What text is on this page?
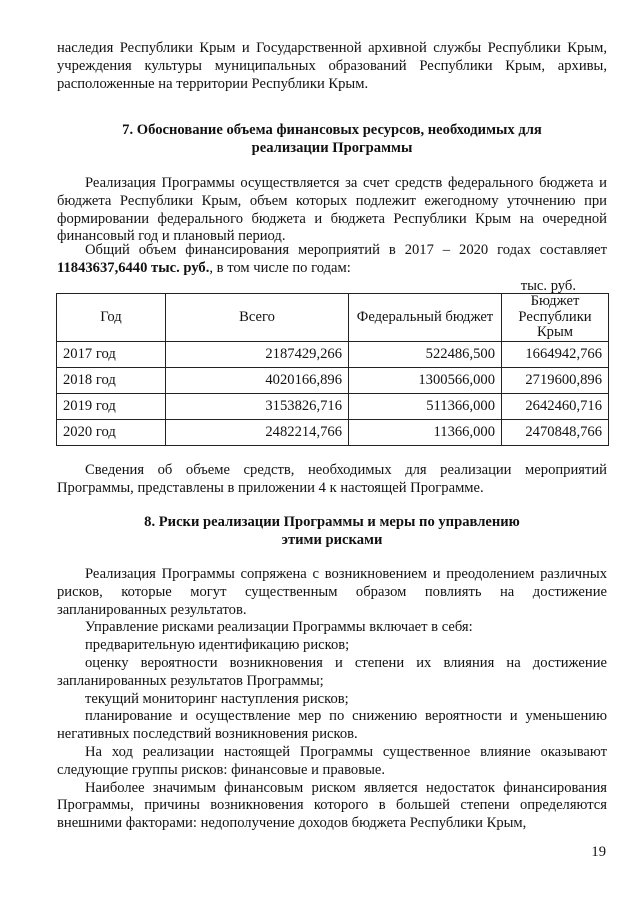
наследия Республики Крым и Государственной архивной службы Республики Крым, учреждения культуры муниципальных образований Республики Крым, архивы, расположенные на территории Республики Крым.
7. Обоснование объема финансовых ресурсов, необходимых для
реализации Программы
Реализация Программы осуществляется за счет средств федерального бюджета и бюджета Республики Крым, объем которых подлежит ежегодному уточнению при формировании федерального бюджета и бюджета Республики Крым на очередной финансовый год и плановый период.
Общий объем финансирования мероприятий в 2017 – 2020 годах составляет 11843637,6440 тыс. руб., в том числе по годам:
тыс. руб.
Год	Всего	Федеральный бюджет	Бюджет Республики Крым
2017 год	2187429,266	522486,500	1664942,766
2018 год	4020166,896	1300566,000	2719600,896
2019 год	3153826,716	511366,000	2642460,716
2020 год	2482214,766	11366,000	2470848,766
Сведения об объеме средств, необходимых для реализации мероприятий Программы, представлены в приложении 4 к настоящей Программе.
8. Риски реализации Программы и меры по управлению
этими рисками
Реализация Программы сопряжена с возникновением и преодолением различных рисков, которые могут существенным образом повлиять на достижение запланированных результатов.
Управление рисками реализации Программы включает в себя:
предварительную идентификацию рисков;
оценку вероятности возникновения и степени их влияния на достижение запланированных результатов Программы;
текущий мониторинг наступления рисков;
планирование и осуществление мер по снижению вероятности и уменьшению негативных последствий возникновения рисков.
На ход реализации настоящей Программы существенное влияние оказывают следующие группы рисков: финансовые и правовые.
Наиболее значимым финансовым риском является недостаток финансирования Программы, причины возникновения которого в большей степени определяются внешними факторами: недополучение доходов бюджета Республики Крым,
19
